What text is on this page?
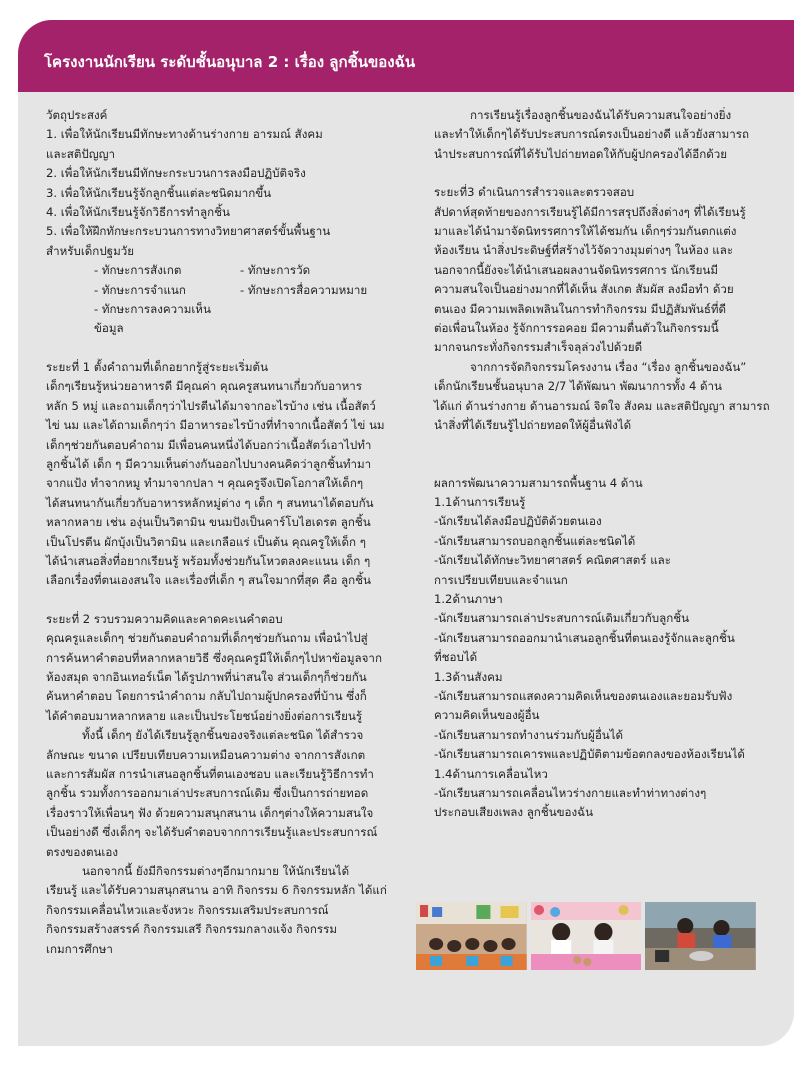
โครงงานนักเรียน ระดับชั้นอนุบาล 2 : เรื่อง ลูกชิ้นของฉัน

วัตถุประสงค์

1. เพื่อให้นักเรียนมีทักษะทางด้านร่างกาย อารมณ์ สังคม

และสติปัญญา

2. เพื่อให้นักเรียนมีทักษะกระบวนการลงมือปฏิบัติจริง

3. เพื่อให้นักเรียนรู้จักลูกชิ้นแต่ละชนิดมากขึ้น

4. เพื่อให้นักเรียนรู้จักวิธีการทำลูกชิ้น

5. เพื่อให้ฝึกทักษะกระบวนการทางวิทยาศาสตร์ขั้นพื้นฐาน

สำหรับเด็กปฐมวัย

- ทักษะการสังเกต	- ทักษะการวัด
- ทักษะการจำแนก	- ทักษะการสื่อความหมาย
- ทักษะการลงความเห็นข้อมูล

ระยะที่ 1 ตั้งคำถามที่เด็กอยากรู้สู่ระยะเริ่มต้น

เด็กๆเรียนรู้หน่วยอาหารดี มีคุณค่า คุณครูสนทนาเกี่ยวกับอาหาร

หลัก 5 หมู่ และถามเด็กๆว่าไปรตีนได้มาจากอะไรบ้าง เช่น เนื้อสัตว์

ไข่ นม และได้ถามเด็กๆว่า มีอาหารอะไรบ้างที่ทำจากเนื้อสัตว์ ไข่ นม

เด็กๆช่วยกันตอบคำถาม มีเพื่อนคนหนึ่งได้บอกว่าเนื้อสัตว์เอาไปทำ

ลูกชิ้นได้ เด็ก ๆ มีความเห็นต่างกันออกไปบางคนคิดว่าลูกชิ้นทำมา

จากแป้ง ทำจากหมู ทำมาจากปลา ฯ คุณครูจึงเปิดโอกาสให้เด็กๆ

ได้สนทนากันเกี่ยวกับอาหารหลักหมู่ต่าง ๆ เด็ก ๆ สนทนาได้ตอบกัน

หลากหลาย เช่น องุ่นเป็นวิตามิน ขนมปังเป็นคาร์โบไฮเดรต ลูกชิ้น

เป็นโปรตีน ผักบุ้งเป็นวิตามิน และเกลือแร่ เป็นต้น คุณครูให้เด็ก ๆ

ได้นำเสนอสิ่งที่อยากเรียนรู้ พร้อมทั้งช่วยกันโหวตลงคะแนน เด็ก ๆ

เลือกเรื่องที่ตนเองสนใจ และเรื่องที่เด็ก ๆ สนใจมากที่สุด คือ ลูกชิ้น

ระยะที่ 2 รวบรวมความคิดและคาดคะเนคำตอบ

คุณครูและเด็กๆ ช่วยกันตอบคำถามที่เด็กๆช่วยกันถาม เพื่อนำไปสู่

การค้นหาคำตอบที่หลากหลายวิธี ซึ่งคุณครูมีให้เด็กๆไปหาข้อมูลจาก

ห้องสมุด จากอินเทอร์เน็ต ได้รูปภาพที่น่าสนใจ ส่วนเด็กๆก็ช่วยกัน

ค้นหาคำตอบ โดยการนำคำถาม กลับไปถามผู้ปกครองที่บ้าน ซึ่งก็

ได้คำตอบมาหลากหลาย และเป็นประโยชน์อย่างยิ่งต่อการเรียนรู้

ทั้งนี้ เด็กๆ ยังได้เรียนรู้ลูกชิ้นของจริงแต่ละชนิด ได้สำรวจ

ลักษณะ ขนาด เปรียบเทียบความเหมือนความต่าง จากการสังเกต

และการสัมผัส การนำเสนอลูกชิ้นที่ตนเองชอบ และเรียนรู้วิธีการทำ

ลูกชิ้น รวมทั้งการออกมาเล่าประสบการณ์เดิม ซึ่งเป็นการถ่ายทอด

เรื่องราวให้เพื่อนๆ ฟัง ด้วยความสนุกสนาน เด็กๆต่างให้ความสนใจ

เป็นอย่างดี ซึ่งเด็กๆ จะได้รับคำตอบจากการเรียนรู้และประสบการณ์

ตรงของตนเอง

นอกจากนี้ ยังมีกิจกรรมต่างๆอีกมากมาย ให้นักเรียนได้

เรียนรู้ และได้รับความสนุกสนาน อาทิ กิจกรรม 6 กิจกรรมหลัก ได้แก่

กิจกรรมเคลื่อนไหวและจังหวะ กิจกรรมเสริมประสบการณ์

กิจกรรมสร้างสรรค์ กิจกรรมเสรี กิจกรรมกลางแจ้ง กิจกรรม

เกมการศึกษา

การเรียนรู้เรื่องลูกชิ้นของฉันได้รับความสนใจอย่างยิ่ง

และทำให้เด็กๆได้รับประสบการณ์ตรงเป็นอย่างดี แล้วยังสามารถ

นำประสบการณ์ที่ได้รับไปถ่ายทอดให้กับผู้ปกครองได้อีกด้วย

ระยะที่3 ดำเนินการสำรวจและตรวจสอบ

สัปดาห์สุดท้ายของการเรียนรู้ได้มีการสรุปถึงสิ่งต่างๆ ที่ได้เรียนรู้

มาและได้นำมาจัดนิทรรศการให้ได้ชมกัน เด็กๆร่วมกันตกแต่ง

ห้องเรียน นำสิ่งประดิษฐ์ที่สร้างไว้จัดวางมุมต่างๆ ในห้อง และ

นอกจากนี้ยังจะได้นำเสนอผลงานจัดนิทรรศการ นักเรียนมี

ความสนใจเป็นอย่างมากที่ได้เห็น สังเกต สัมผัส ลงมือทำ ด้วย

ตนเอง มีความเพลิดเพลินในการทำกิจกรรม มีปฏิสัมพันธ์ที่ดี

ต่อเพื่อนในห้อง รู้จักการรอคอย มีความตื่นตัวในกิจกรรมนี้

มากจนกระทั่งกิจกรรมสำเร็จลุล่วงไปด้วยดี

จากการจัดกิจกรรมโครงงาน เรื่อง “เรื่อง ลูกชิ้นของฉัน”

เด็กนักเรียนชั้นอนุบาล 2/7 ได้พัฒนา พัฒนาการทั้ง 4 ด้าน

ได้แก่ ด้านร่างกาย ด้านอารมณ์ จิตใจ สังคม และสติปัญญา สามารถ

นำสิ่งที่ได้เรียนรู้ไปถ่ายทอดให้ผู้อื่นฟังได้

ผลการพัฒนาความสามารถพื้นฐาน 4 ด้าน

1.1ด้านการเรียนรู้

-นักเรียนได้ลงมือปฏิบัติด้วยตนเอง

-นักเรียนสามารถบอกลูกชิ้นแต่ละชนิดได้

-นักเรียนได้ทักษะวิทยาศาสตร์ คณิตศาสตร์ และ

การเปรียบเทียบและจำแนก

1.2ด้านภาษา

-นักเรียนสามารถเล่าประสบการณ์เดิมเกี่ยวกับลูกชิ้น

-นักเรียนสามารถออกมานำเสนอลูกชิ้นที่ตนเองรู้จักและลูกชิ้น

ที่ชอบได้

1.3ด้านสังคม

-นักเรียนสามารถแสดงความคิดเห็นของตนเองและยอมรับฟัง

ความคิดเห็นของผู้อื่น

-นักเรียนสามารถทำงานร่วมกับผู้อื่นได้

-นักเรียนสามารถเคารพและปฏิบัติตามข้อตกลงของห้องเรียนได้

1.4ด้านการเคลื่อนไหว

-นักเรียนสามารถเคลื่อนไหวร่างกายและทำท่าทางต่างๆ

ประกอบเสียงเพลง ลูกชิ้นของฉัน
